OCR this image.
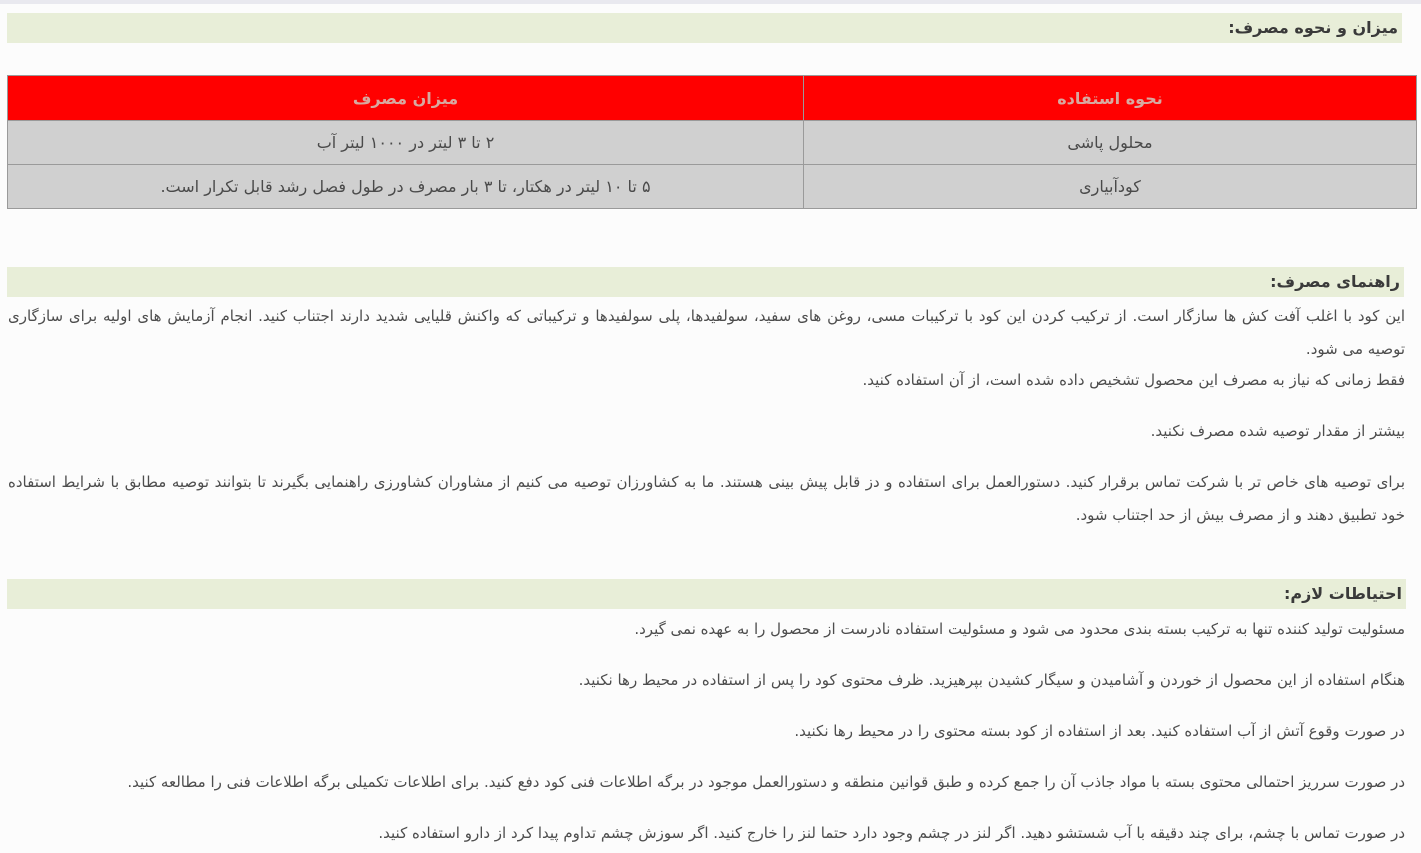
میزان و نحوه مصرف:
نحوه استفاده	میزان مصرف
محلول پاشی	۲ تا ۳ لیتر در ۱۰۰۰ لیتر آب
کودآبیاری	۵ تا ۱۰ لیتر در هکتار، تا ۳ بار مصرف در طول فصل رشد قابل تکرار است.
راهنمای مصرف:

این کود با اغلب آفت کش ها سازگار است. از ترکیب کردن این کود با ترکیبات مسی، روغن های سفید، سولفیدها، پلی سولفیدها و ترکیباتی که واکنش قلیایی شدید دارند اجتناب کنید. انجام آزمایش های اولیه برای سازگاری توصیه می شود.

فقط زمانی که نیاز به مصرف این محصول تشخیص داده شده است، از آن استفاده کنید.

بیشتر از مقدار توصیه شده مصرف نکنید.

برای توصیه های خاص تر با شرکت تماس برقرار کنید. دستورالعمل برای استفاده و دز قابل پیش بینی هستند. ما به کشاورزان توصیه می کنیم از مشاوران کشاورزی راهنمایی بگیرند تا بتوانند توصیه مطابق با شرایط استفاده خود تطبیق دهند و از مصرف بیش از حد اجتناب شود.

احتیاطات لازم:

مسئولیت تولید کننده تنها به ترکیب بسته بندی محدود می شود و مسئولیت استفاده نادرست از محصول را به عهده نمی گیرد.

هنگام استفاده از این محصول از خوردن و آشامیدن و سیگار کشیدن بپرهیزید. ظرف محتوی کود را پس از استفاده در محیط رها نکنید.

در صورت وقوع آتش از آب استفاده کنید. بعد از استفاده از کود بسته محتوی را در محیط رها نکنید.

در صورت سرریز احتمالی محتوی بسته با مواد جاذب آن را جمع کرده و طبق قوانین منطقه و دستورالعمل موجود در برگه اطلاعات فنی کود دفع کنید. برای اطلاعات تکمیلی برگه اطلاعات فنی را مطالعه کنید.

در صورت تماس با چشم، برای چند دقیقه با آب شستشو دهید. اگر لنز در چشم وجود دارد حتما لنز را خارج کنید. اگر سوزش چشم تداوم پیدا کرد از دارو استفاده کنید.
